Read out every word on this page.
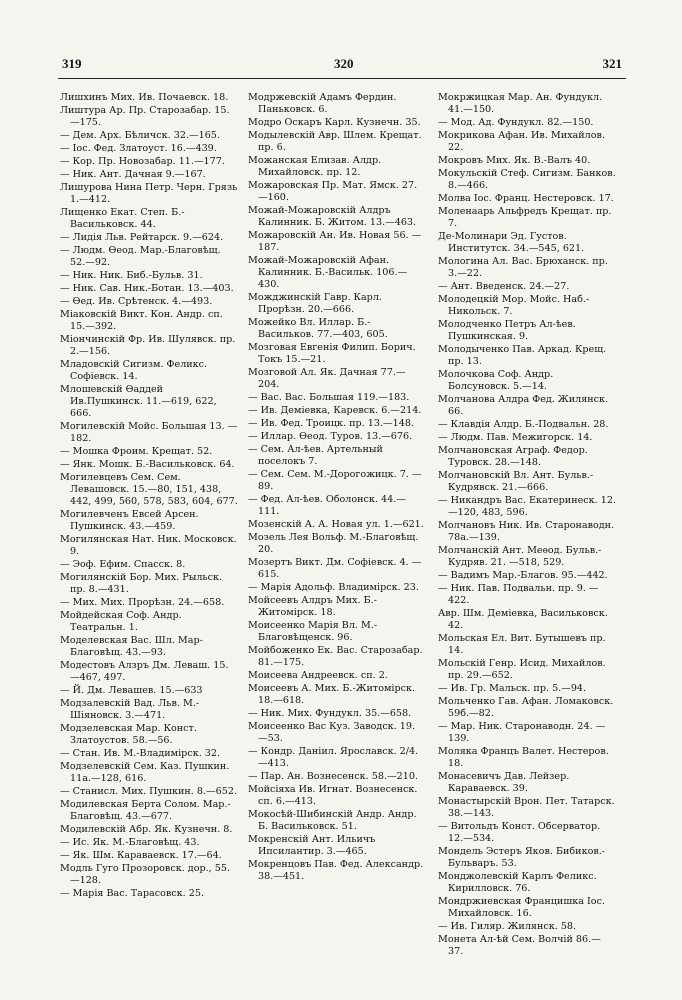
319	320	321
Лишхинъ Мих. Ив. Почаевск. 18.
Лиштура Ар. Пр. Старозабар. 15.—175.
— Дем. Арх. Бѣличск. 32.—165.
— Іос. Фед. Златоуст. 16.—439.
— Кор. Пр. Новозабар. 11.—177.
— Ник. Ант. Дачная 9.—167.
Лишурова Нина Петр. Черн. Грязь 1.—412.
Лищенко Екат. Степ. Б.-Васильковск. 44.
— Лидія Льв. Рейтарск. 9.—624.
— Людм. Ѳеод. Мар.-Благовѣщ. 52.—92.
— Ник. Ник. Биб.-Бульв. 31.
— Ник. Сав. Ник.-Ботан. 13.—403.
— Ѳед. Ив. Срѣтенск. 4.—493.
Міаковскій Викт. Кон. Андр. сп. 15.—392.
Міончинскій Фр. Ив. Шулявск. пр. 2.—156.
Младовскій Сигизм. Феликс. Софіевск. 14.
Млошевскій Ѳаддей Ив.Пушкинск. 11.—619, 622, 666.
Могилевскій Мойс. Большая 13. —182.
— Мошка Фроим. Крещат. 52.
— Янк. Мошк. Б.-Васильковск. 64.
Могилевцевъ Сем. Сем. Левашовск. 15.—80, 151, 438, 442, 499, 560, 578, 583, 604, 677.
Могилевченъ Евсей Арсен. Пушкинск. 43.—459.
Могилянская Нат. Ник. Московск. 9.
— Эоф. Ефим. Спасск. 8.
Могилянскій Бор. Мих. Рыльск. пр. 8.—431.
— Мих. Мих. Прорѣзн. 24.—658.
Мойдейская Соф. Андр. Театральн. 1.
Моделевская Вас. Шл. Мар-Благовѣщ. 43.—93.
Модестовъ Алзръ Дм. Леваш. 15.—467, 497.
— Й. Дм. Левашев. 15.—633
Модзалевскій Вад. Льв. М.-Шіяновск. 3.—471.
Модзелевская Мар. Конст. Златоустов. 58.—56.
— Стан. Ив. М.-Владимірск. 32.
Модзелевскій Сем. Каз. Пушкин. 11а.—128, 616.
— Станисл. Мих. Пушкин. 8.—652.
Модилевская Берта Солом. Мар.-Благовѣщ. 43.—677.
Модилевскій Абр. Як. Кузнечн. 8.
— Ис. Як. М.-Благовѣщ. 43.
— Як. Шм. Караваевск. 17.—64.
Модль Гуго Прозоровск. дор., 55.—128.
— Марія Вас. Тарасовск. 25.
Модржевскій Адамъ Фердин. Паньковск. 6.
Модро Оскаръ Карл. Кузнечн. 35.
Модылевскій Авр. Шлем. Крещат. пр. 6.
Можанская Елизав. Алдр. Михайловск. пр. 12.
Можаровская Пр. Мат. Ямск. 27.—160.
Можай-Можаровскій Алдръ Калинник. Б. Житом. 13.—463.
Можаровскій Ан. Ив. Новая 56. —187.
Можай-Можаровскій Афан. Калинник. Б.-Васильк. 106.—430.
Можджинскій Гавр. Карл. Прорѣзн. 20.—666.
Можейко Вл. Иллар. Б.-Васильков. 77.—403, 605.
Мозговая Евгенія Филип. Борич. Токъ 15.—21.
Мозговой Ал. Як. Дачная 77.—204.
— Вас. Вас. Большая 119.—183.
— Ив. Деміевка, Каревск. 6.—214.
— Ив. Фед. Троицк. пр. 13.—148.
— Иллар. Ѳеод. Туров. 13.—676.
— Сем. Ал-ѣев. Артельный поселокъ 7.
— Сем. Сем. М.-Дорогожицк. 7. —89.
— Фед. Ал-ѣев. Оболонск. 44.—111.
Мозенскій А. А. Новая ул. 1.—621.
Мозель Лея Вольф. М.-Благовѣщ. 20.
Мозертъ Викт. Дм. Софіевск. 4. —615.
— Марія Адольф. Владимірск. 23.
Мойсеевъ Алдръ Мих. Б.-Житомірск. 18.
Моисеенко Марія Вл. М.-Благовѣщенск. 96.
Мойбоженко Ек. Вас. Старозабар. 81.—175.
Моисеева Андреевск. сп. 2.
Моисеевъ А. Мих. Б.-Житомірск. 18.—618.
— Ник. Мих. Фундукл. 35.—658.
Моисеенко Вас Куз. Заводск. 19. —53.
— Кондр. Даніил. Ярославск. 2/4.—413.
— Пар. Ан. Вознесенск. 58.—210.
Мойсіяха Ив. Игнат. Вознесенск. сп. 6.—413.
Мокосѣй-Шибинскій Андр. Андр. Б. Васильковск. 51.
Мокренскій Ант. Ильичъ Ипсилантир. 3.—465.
Мокренцовъ Пав. Фед. Александр. 38.—451.
Мокржицкая Мар. Ан. Фундукл. 41.—150.
— Мод. Ад. Фундукл. 82.—150.
Мокрикова Афан. Ив. Михайлов. 22.
Мокровъ Мих. Як. В.-Валъ 40.
Мокульскій Стеф. Сигизм. Банков. 8.—466.
Молва Іос. Франц. Нестеровск. 17.
Моленаарь Альфредъ Крещат. пр. 7.
Де-Молинари Эд. Густов. Институтск. 34.—545, 621.
Мологина Ал. Вас. Брюханск. пр. 3.—22.
— Ант. Введенск. 24.—27.
Молодецкій Мор. Мойс. Наб.-Никольск. 7.
Молодченко Петръ Ал-ѣев. Пушкинская. 9.
Молодыченко Пав. Аркад. Крещ. пр. 13.
Молочкова Соф. Андр. Болсуновск. 5.—14.
Молчанова Алдра Фед. Жилянск. 66.
— Клавдія Алдр. Б.-Подвальн. 28.
— Людм. Пав. Межигорск. 14.
Молчановская Аграф. Федор. Туровск. 28.—148.
Молчановскій Вл. Ант. Бульв.-Кудрявск. 21.—666.
— Никандръ Вас. Екатеринеск. 12.—120, 483, 596.
Молчановъ Ник. Ив. Старонаводн. 78а.—139.
Молчанскій Ант. Меѳод. Бульв.-Кудряв. 21. —518, 529.
— Вадимъ Мар.-Благов. 95.—442.
— Ник. Пав. Подвальн. пр. 9. —422.
Авр. Шм. Деміевка, Васильковск. 42.
Мольская Ел. Вит. Бутышевъ пр. 14.
Мольскій Генр. Исид. Михайлов. пр. 29.—652.
— Ив. Гр. Мальск. пр. 5.—94.
Мольченко Гав. Афан. Ломаковск. 59б.—82.
— Мар. Ник. Старонаводн. 24. —139.
Моляка Францъ Валет. Нестеров. 18.
Монасевичъ Дав. Лейзер. Караваевск. 39.
Монастырскій Врон. Пет. Татарск. 38.—143.
— Витольдъ Конст. Обсерватор. 12.—534.
Мондель Эстеръ Яков. Бибиков.-Бульваръ. 53.
Монджолевскій Карлъ Феликс. Кирилловск. 76.
Мондржиевская Францишка Іос. Михайловск. 16.
— Ив. Гиляр. Жилянск. 58.
Монета Ал-ѣй Сем. Волчій 86.—37.
